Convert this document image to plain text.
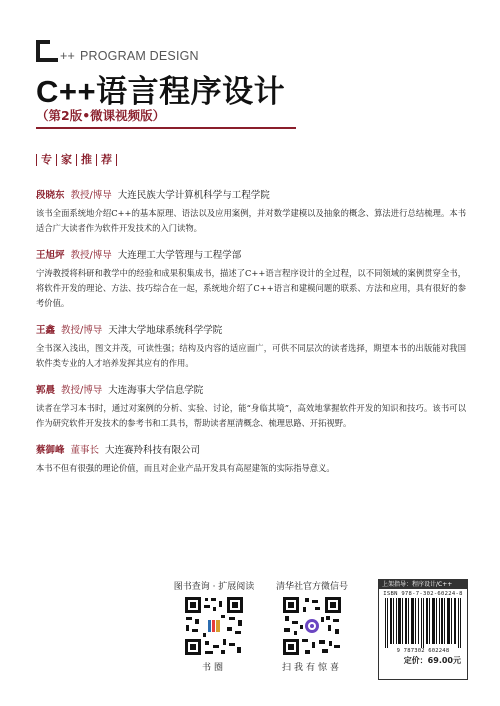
++ PROGRAM DESIGN
C++语言程序设计
（第2版•微课视频版）
专 家 推 荐
段晓东 教授/博导 大连民族大学计算机科学与工程学院

该书全面系统地介绍C++的基本原理、语法以及应用案例，并对数学建模以及抽象的概念、算法进行总结梳理。本书适合广大读者作为软件开发技术的入门读物。

王旭坪 教授/博导 大连理工大学管理与工程学部

宁涛教授将科研和教学中的经验和成果积集成书，描述了C++语言程序设计的全过程，以不同领域的案例贯穿全书，将软件开发的理论、方法、技巧综合在一起，系统地介绍了C++语言和建模问题的联系、方法和应用，具有很好的参考价值。

王鑫 教授/博导 天津大学地球系统科学学院

全书深入浅出，图文并茂，可读性强；结构及内容的适应面广，可供不同层次的读者选择，期望本书的出版能对我国软件类专业的人才培养发挥其应有的作用。

郭晨 教授/博导 大连海事大学信息学院

读者在学习本书时，通过对案例的分析、实验、讨论，能“身临其境”，高效地掌握软件开发的知识和技巧。该书可以作为研究软件开发技术的参考书和工具书，帮助读者厘清概念、梳理思路、开拓视野。

蔡御峰 董事长 大连赛羚科技有限公司

本书不但有很强的理论价值，而且对企业产品开发具有高屋建瓴的实际指导意义。

图书查询 · 扩展阅读
书圈
清华社官方微信号
扫我有惊喜
上架指导：程序设计/C++
ISBN 978-7-302-60224-8
9 787302 602248
定价：69.00元
